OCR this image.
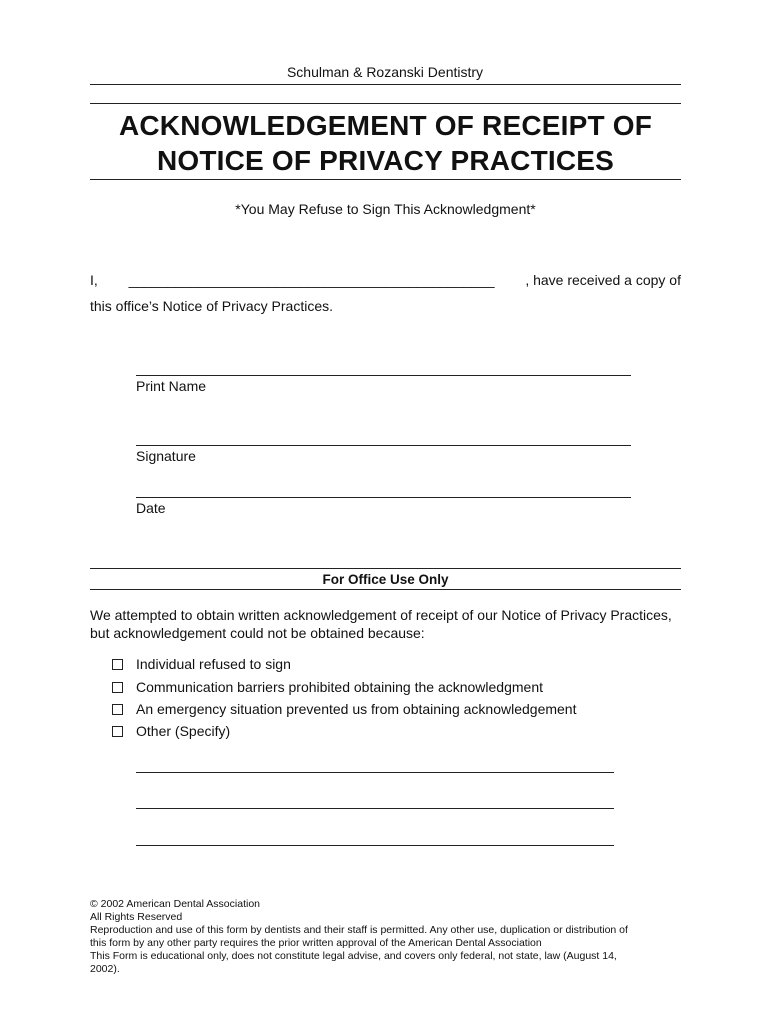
Schulman & Rozanski Dentistry
ACKNOWLEDGEMENT OF RECEIPT OF
NOTICE OF PRIVACY PRACTICES
*You May Refuse to Sign This Acknowledgment*
I, _______________________________________________ , have received a copy of
this office’s Notice of Privacy Practices.
Print Name
Signature
Date
For Office Use Only
We attempted to obtain written acknowledgement of receipt of our Notice of Privacy Practices,
but acknowledgement could not be obtained because:
Individual refused to sign
Communication barriers prohibited obtaining the acknowledgment
An emergency situation prevented us from obtaining acknowledgement
Other (Specify)
© 2002 American Dental Association
All Rights Reserved
Reproduction and use of this form by dentists and their staff is permitted. Any other use, duplication or distribution of
this form by any other party requires the prior written approval of the American Dental Association
This Form is educational only, does not constitute legal advise, and covers only federal, not state, law (August 14,
2002).
